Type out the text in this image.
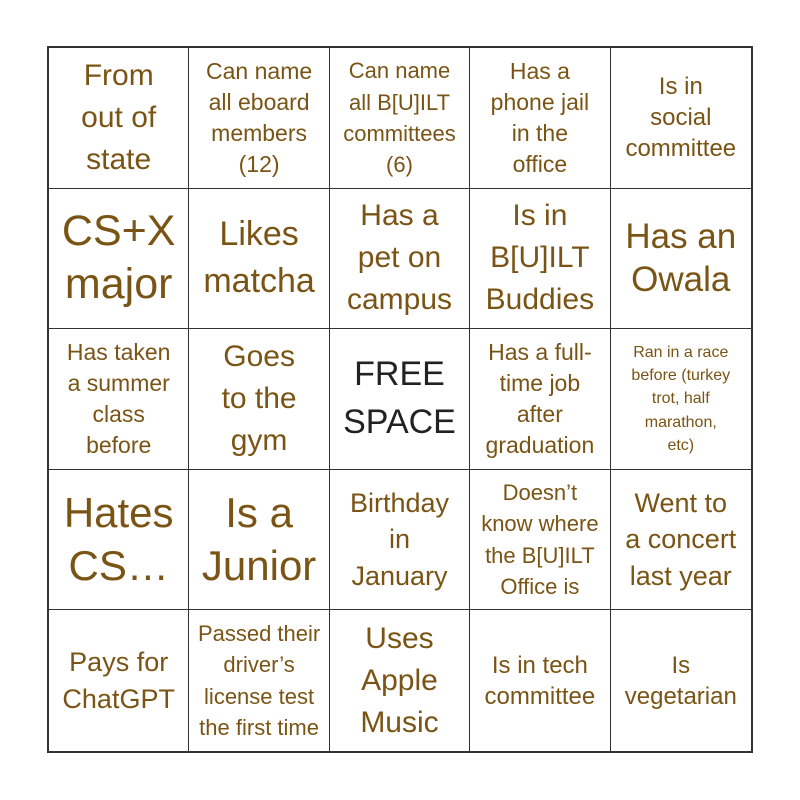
From
out of
state
Can name
all eboard
members
(12)
Can name
all B[U]ILT
committees
(6)
Has a
phone jail
in the
office
Is in
social
committee
CS+X
major
Likes
matcha
Has a
pet on
campus
Is in
B[U]ILT
Buddies
Has an
Owala
Has taken
a summer
class
before
Goes
to the
gym
FREE
SPACE
Has a full-
time job
after
graduation
Ran in a race
before (turkey
trot, half
marathon,
etc)
Hates
CS…
Is a
Junior
Birthday
in
January
Doesn’t
know where
the B[U]ILT
Office is
Went to
a concert
last year
Pays for
ChatGPT
Passed their
driver’s
license test
the first time
Uses
Apple
Music
Is in tech
committee
Is
vegetarian
